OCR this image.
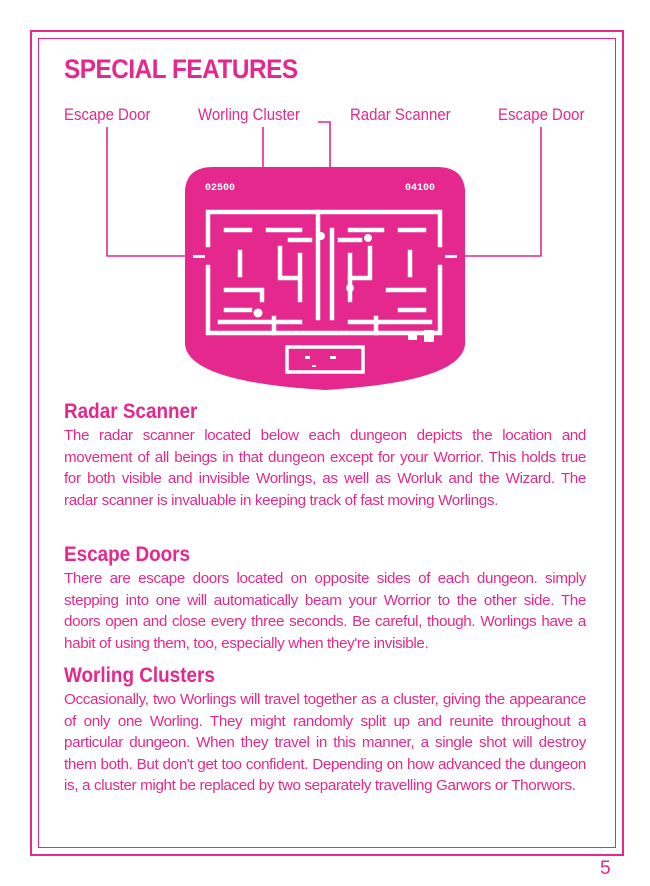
SPECIAL FEATURES
Escape Door	Worling Cluster	Radar Scanner	Escape Door
02500	04100
Radar Scanner

The radar scanner located below each dungeon depicts the location and movement of all beings in that dungeon except for your Worrior. This holds true for both visible and invisible Worlings, as well as Worluk and the Wizard. The radar scanner is invaluable in keeping track of fast moving Worlings.

Escape Doors

There are escape doors located on opposite sides of each dungeon. simply stepping into one will automatically beam your Worrior to the other side. The doors open and close every three seconds. Be careful, though. Worlings have a habit of using them, too, especially when they're invisible.

Worling Clusters

Occasionally, two Worlings will travel together as a cluster, giving the appearance of only one Worling. They might randomly split up and reunite throughout a particular dungeon. When they travel in this manner, a single shot will destroy them both. But don't get too confident. Depending on how advanced the dungeon is, a cluster might be replaced by two separately travelling Garwors or Thorwors.

5
